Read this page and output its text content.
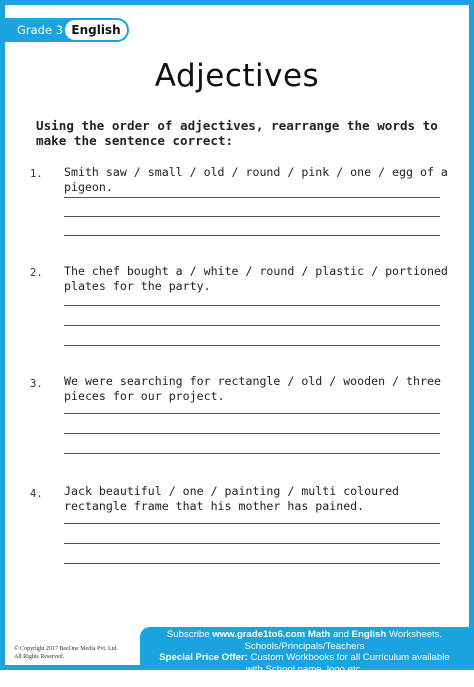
Grade 3 English
Adjectives
Using the order of adjectives, rearrange the words to make the sentence correct:
1. Smith saw / small / old / round / pink / one / egg of a pigeon.
2. The chef bought a / white / round / plastic / portioned plates for the party.
3. We were searching for rectangle / old / wooden / three pieces for our project.
4. Jack beautiful / one / painting / multi coloured rectangle frame that his mother has pained.
© Copyright 2017 BeeOne Media Pvt. Ltd.
All Rights Reserved.
Subscribe www.grade1to6.com Math and English Worksheets.
Schools/Principals/Teachers
Special Price Offer: Custom Workbooks for all Curriculum available
with School name, logo etc.
Email us: info@grade1to6.com
